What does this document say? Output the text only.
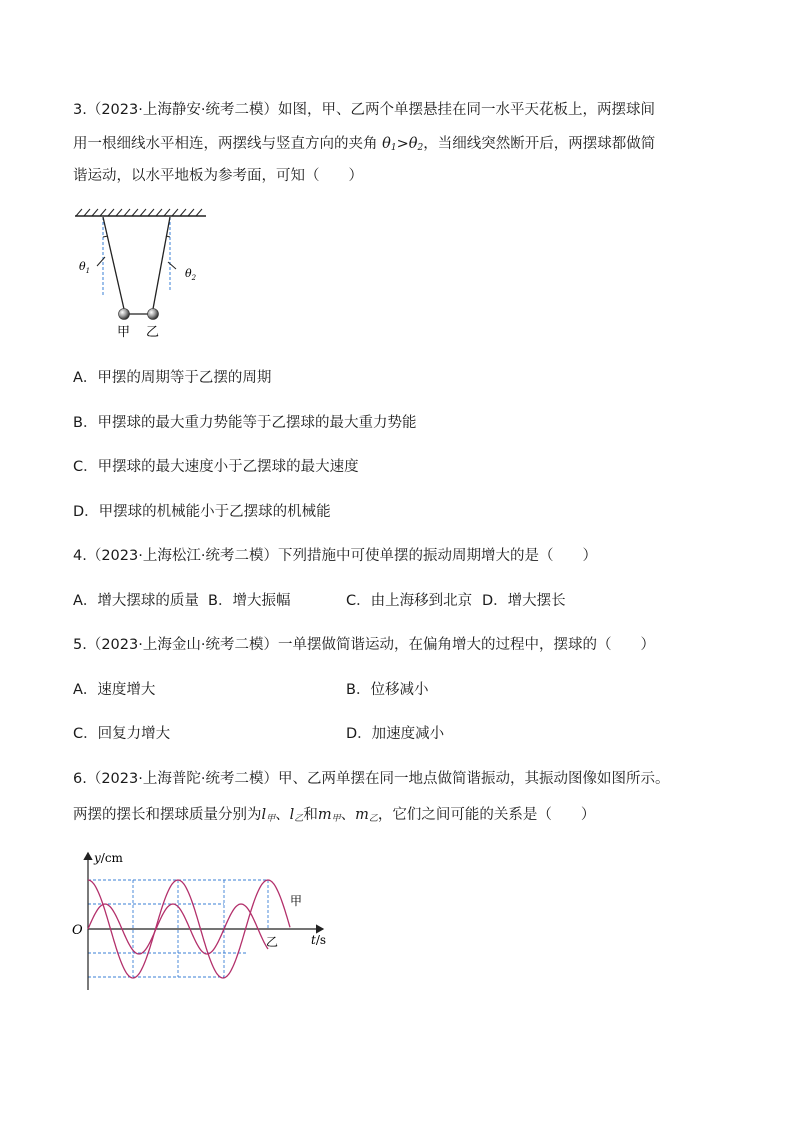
3.（2023·上海静安·统考二模）如图，甲、乙两个单摆悬挂在同一水平天花板上，两摆球间
用一根细线水平相连，两摆线与竖直方向的夹角 $\theta_1>\theta_2$，当细线突然断开后，两摆球都做简
谐运动，以水平地板为参考面，可知（　　）
$\theta_1$	$\theta_2$
甲 乙
A．甲摆的周期等于乙摆的周期
B．甲摆球的最大重力势能等于乙摆球的最大重力势能
C．甲摆球的最大速度小于乙摆球的最大速度
D．甲摆球的机械能小于乙摆球的机械能
4.（2023·上海松江·统考二模）下列措施中可使单摆的振动周期增大的是（　　）
A．增大摆球的质量 B．增大振幅	C．由上海移到北京 D．增大摆长
5.（2023·上海金山·统考二模）一单摆做简谐运动，在偏角增大的过程中，摆球的（　　）
A．速度增大	B．位移减小
C．回复力增大	D．加速度减小
6.（2023·上海普陀·统考二模）甲、乙两单摆在同一地点做简谐振动，其振动图像如图所示。
两摆的摆长和摆球质量分别为$l_甲$、$l_乙$和$m_甲$、$m_乙$，它们之间可能的关系是（　　）
y/cm
t/s
O
甲
乙
